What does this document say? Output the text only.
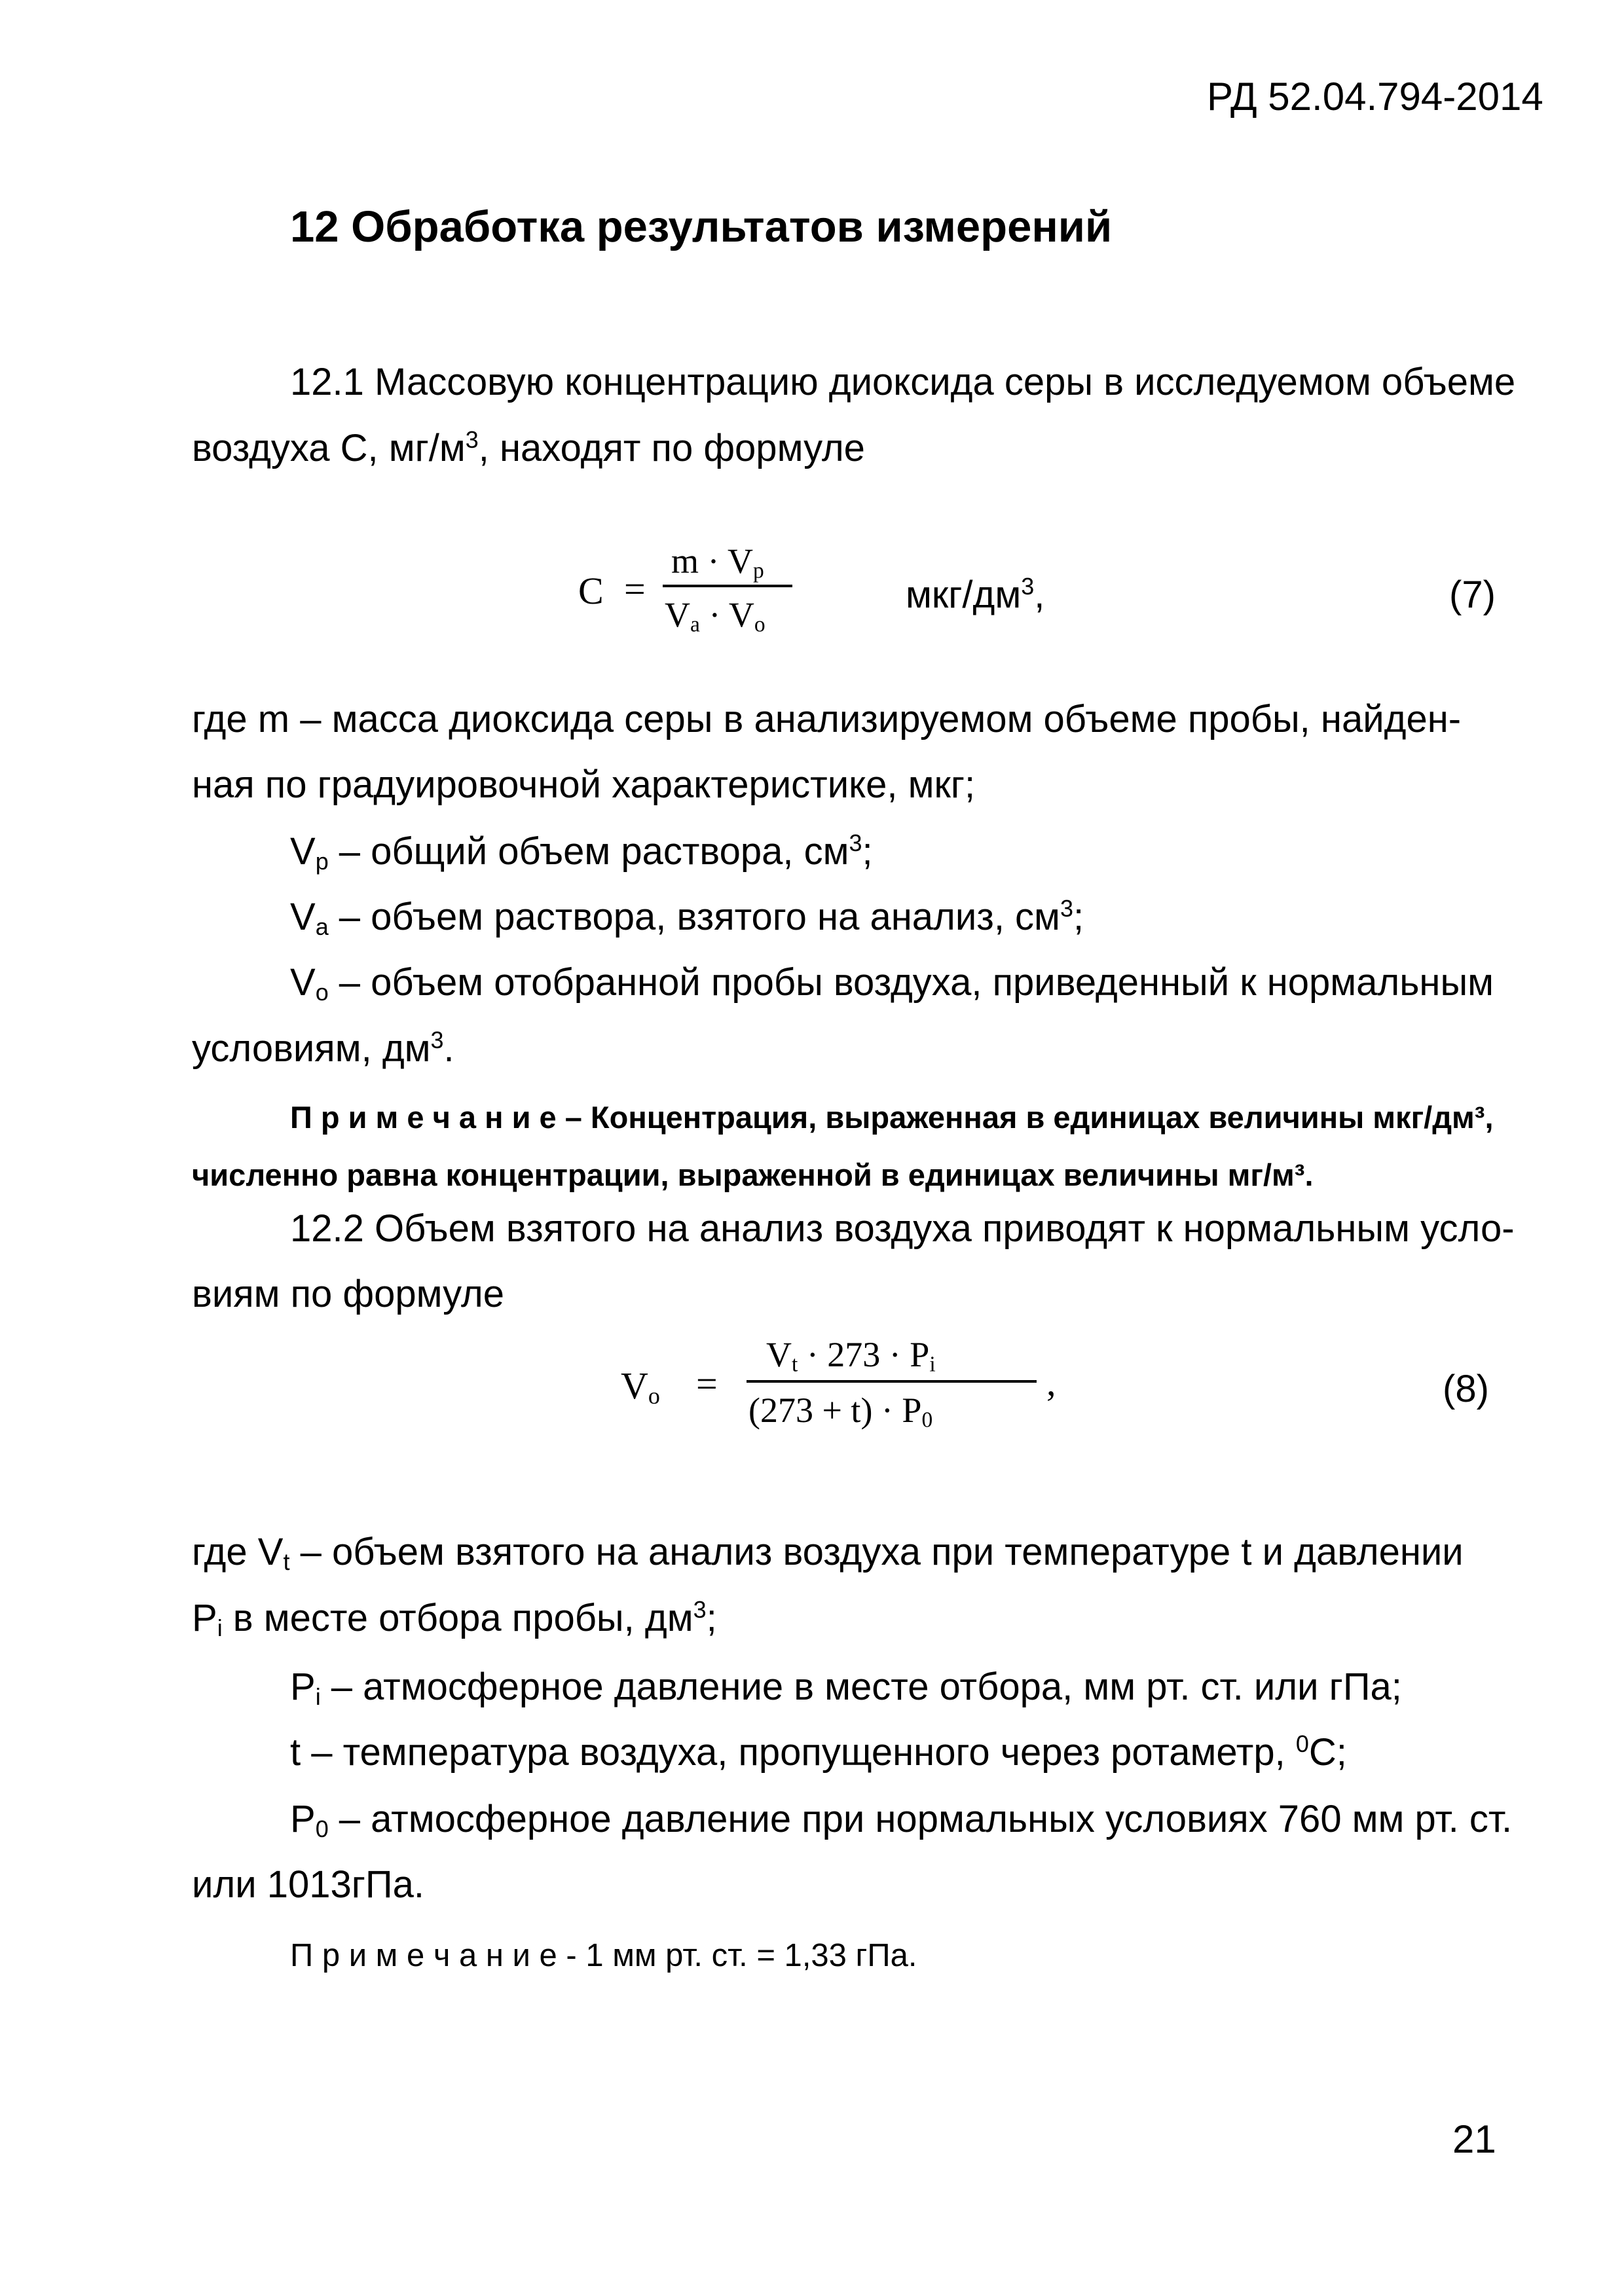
РД 52.04.794-2014
12 Обработка результатов измерений
12.1 Массовую концентрацию диоксида серы в исследуемом объеме
воздуха С, $мг/м^3$, находят по формуле
C =
$m \cdot V_p$
$V_a \cdot V_o$
мкг/$дм^3$,	(7)
где m – масса диоксида серы в анализируемом объеме пробы, найден-
ная по градуировочной характеристике, мкг;
$V_p$ – общий объем раствора, $см^3$;
$V_a$ – объем раствора, взятого на анализ, $см^3$;
$V_o$ – объем отобранной пробы воздуха, приведенный к нормальным
условиям, $дм^3$.
П р и м е ч а н и е – Концентрация, выраженная в единицах величины мкг/дм³,
численно равна концентрации, выраженной в единицах величины мг/м³.
12.2 Объем взятого на анализ воздуха приводят к нормальным усло-
виям по формуле
$V_o$ =
$V_t \cdot 273 \cdot P_i$
$(273 + t) \cdot P_0$
,	(8)
где $V_t$ – объем взятого на анализ воздуха при температуре t и давлении
$P_i$ в месте отбора пробы, $дм^3$;
$P_i$ – атмосферное давление в месте отбора, мм рт. ст. или гПа;
t – температура воздуха, пропущенного через ротаметр, $^0$С;
$P_0$ – атмосферное давление при нормальных условиях 760 мм рт. ст.
или 1013гПа.
П р и м е ч а н и е - 1 мм рт. ст. = 1,33 гПа.
21
